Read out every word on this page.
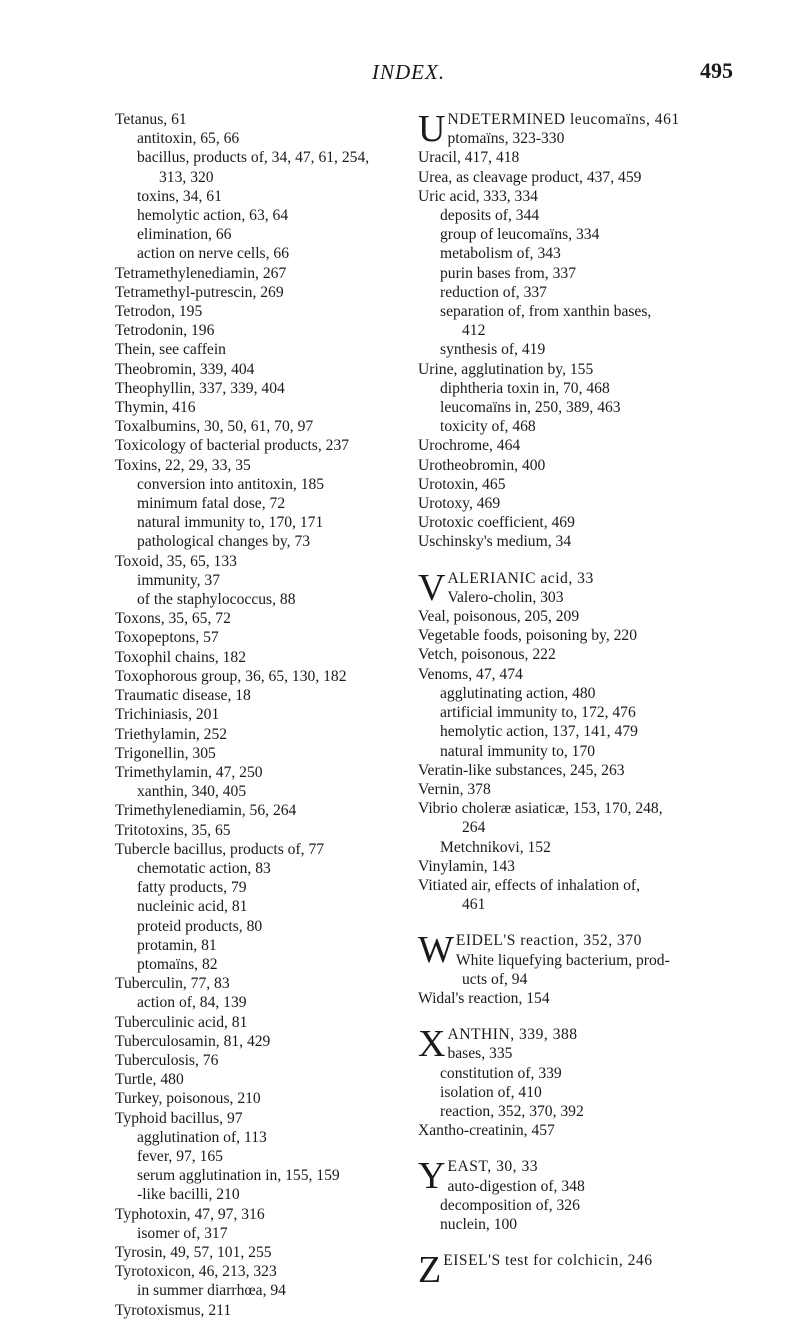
INDEX.	495
Tetanus, 61
antitoxin, 65, 66
bacillus, products of, 34, 47, 61, 254,
313, 320
toxins, 34, 61
hemolytic action, 63, 64
elimination, 66
action on nerve cells, 66
Tetramethylenediamin, 267
Tetramethyl-putrescin, 269
Tetrodon, 195
Tetrodonin, 196
Thein, see caffein
Theobromin, 339, 404
Theophyllin, 337, 339, 404
Thymin, 416
Toxalbumins, 30, 50, 61, 70, 97
Toxicology of bacterial products, 237
Toxins, 22, 29, 33, 35
conversion into antitoxin, 185
minimum fatal dose, 72
natural immunity to, 170, 171
pathological changes by, 73
Toxoid, 35, 65, 133
immunity, 37
of the staphylococcus, 88
Toxons, 35, 65, 72
Toxopeptons, 57
Toxophil chains, 182
Toxophorous group, 36, 65, 130, 182
Traumatic disease, 18
Trichiniasis, 201
Triethylamin, 252
Trigonellin, 305
Trimethylamin, 47, 250
xanthin, 340, 405
Trimethylenediamin, 56, 264
Tritotoxins, 35, 65
Tubercle bacillus, products of, 77
chemotatic action, 83
fatty products, 79
nucleinic acid, 81
proteid products, 80
protamin, 81
ptomaïns, 82
Tuberculin, 77, 83
action of, 84, 139
Tuberculinic acid, 81
Tuberculosamin, 81, 429
Tuberculosis, 76
Turtle, 480
Turkey, poisonous, 210
Typhoid bacillus, 97
agglutination of, 113
fever, 97, 165
serum agglutination in, 155, 159
-like bacilli, 210
Typhotoxin, 47, 97, 316
isomer of, 317
Tyrosin, 49, 57, 101, 255
Tyrotoxicon, 46, 213, 323
in summer diarrhœa, 94
Tyrotoxismus, 211
U NDETERMINED leucomaïns, 461
ptomaïns, 323-330
Uracil, 417, 418
Urea, as cleavage product, 437, 459
Uric acid, 333, 334
deposits of, 344
group of leucomaïns, 334
metabolism of, 343
purin bases from, 337
reduction of, 337
separation of, from xanthin bases,
412
synthesis of, 419
Urine, agglutination by, 155
diphtheria toxin in, 70, 468
leucomaïns in, 250, 389, 463
toxicity of, 468
Urochrome, 464
Urotheobromin, 400
Urotoxin, 465
Urotoxy, 469
Urotoxic coefficient, 469
Uschinsky's medium, 34
V ALERIANIC acid, 33
Valero-cholin, 303
Veal, poisonous, 205, 209
Vegetable foods, poisoning by, 220
Vetch, poisonous, 222
Venoms, 47, 474
agglutinating action, 480
artificial immunity to, 172, 476
hemolytic action, 137, 141, 479
natural immunity to, 170
Veratin-like substances, 245, 263
Vernin, 378
Vibrio choleræ asiaticæ, 153, 170, 248,
264
Metchnikovi, 152
Vinylamin, 143
Vitiated air, effects of inhalation of,
461
W EIDEL'S reaction, 352, 370
White liquefying bacterium, prod-
ucts of, 94
Widal's reaction, 154
X ANTHIN, 339, 388
bases, 335
constitution of, 339
isolation of, 410
reaction, 352, 370, 392
Xantho-creatinin, 457
Y EAST, 30, 33
auto-digestion of, 348
decomposition of, 326
nuclein, 100
Z EISEL'S test for colchicin, 246
